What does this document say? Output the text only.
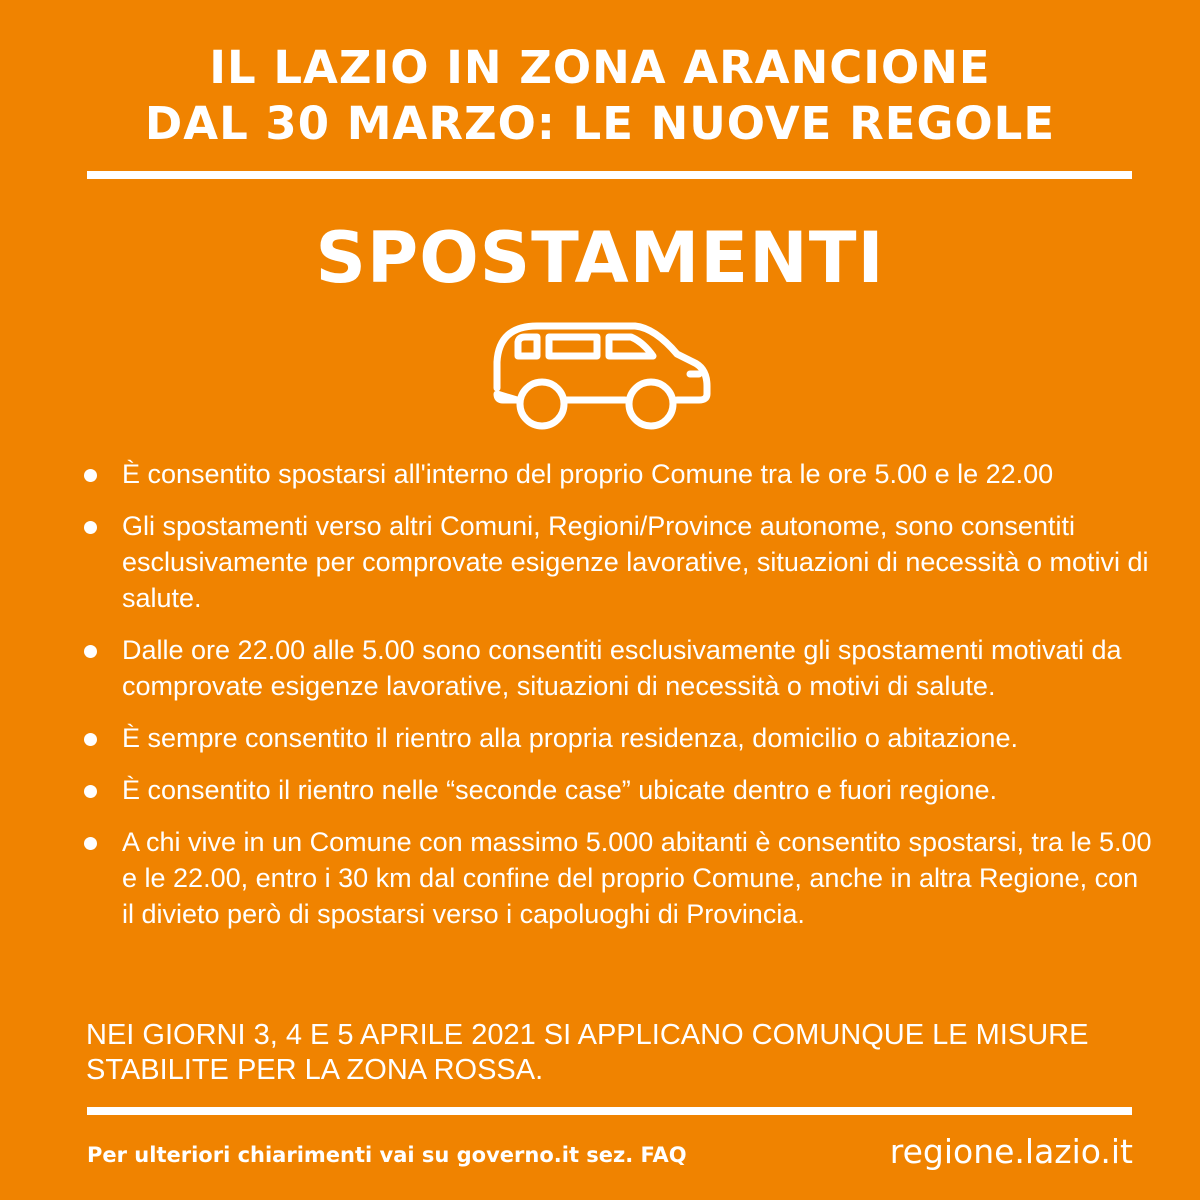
IL LAZIO IN ZONA ARANCIONE
DAL 30 MARZO: LE NUOVE REGOLE
SPOSTAMENTI
È consentito spostarsi all'interno del proprio Comune tra le ore 5.00 e le 22.00
Gli spostamenti verso altri Comuni, Regioni/Province autonome, sono consentiti esclusivamente per comprovate esigenze lavorative, situazioni di necessità o motivi di salute.
Dalle ore 22.00 alle 5.00 sono consentiti esclusivamente gli spostamenti motivati da comprovate esigenze lavorative, situazioni di necessità o motivi di salute.
È sempre consentito il rientro alla propria residenza, domicilio o abitazione.
È consentito il rientro nelle “seconde case” ubicate dentro e fuori regione.
A chi vive in un Comune con massimo 5.000 abitanti è consentito spostarsi, tra le 5.00 e le 22.00, entro i 30 km dal confine del proprio Comune, anche in altra Regione, con il divieto però di spostarsi verso i capoluoghi di Provincia.
NEI GIORNI 3, 4 E 5 APRILE 2021 SI APPLICANO COMUNQUE LE MISURE STABILITE PER LA ZONA ROSSA.
Per ulteriori chiarimenti vai su governo.it sez. FAQ	regione.lazio.it
